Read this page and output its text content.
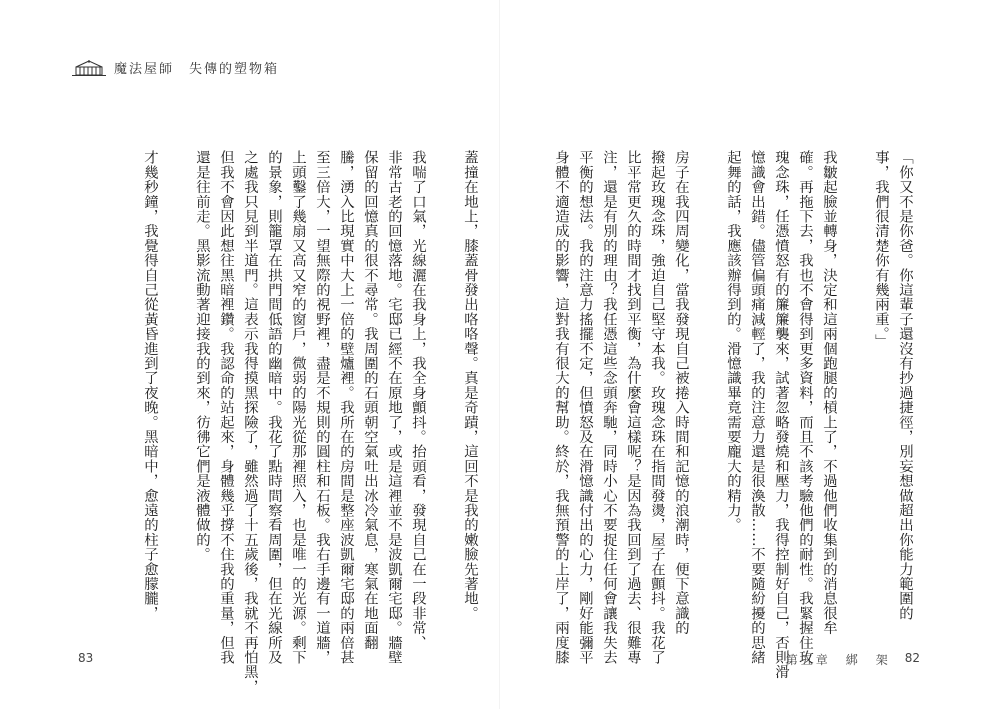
魔法屋師　失傳的塑物箱

蓋撞在地上，膝蓋骨發出咯咯聲。真是奇蹟，這回不是我的嫩臉先著地。

我喘了口氣，光線灑在我身上，我全身顫抖。抬頭看，發現自己在一段非常、

非常古老的回憶落地。宅邸已經不在原地了，或是這裡並不是波凱爾宅邸。牆壁

保留的回憶真的很不尋常。我周圍的石頭朝空氣吐出冰冷氣息，寒氣在地面翻

騰，湧入比現實中大上一倍的壁爐裡。我所在的房間是整座波凱爾宅邸的兩倍甚

至三倍大，一望無際的視野裡，盡是不規則的圓柱和石板。我右手邊有一道牆，

上頭鑿了幾扇又高又窄的窗戶，微弱的陽光從那裡照入，也是唯一的光源。剩下

的景象，則籠罩在拱門間低語的幽暗中。我花了點時間察看周圍，但在光線所及

之處我只見到半道門。這表示我得摸黑探險了，雖然過了十五歲後，我就不再怕黑，

但我不會因此想往黑暗裡鑽。我認命的站起來，身體幾乎撐不住我的重量，但我

還是往前走。黑影流動著迎接我的到來，彷彿它們是液體做的。

才幾秒鐘，我覺得自己從黃昏進到了夜晚。黑暗中，愈遠的柱子愈朦朧，

83

「你又不是你爸。你這輩子還沒有抄過捷徑，別妄想做超出你能力範圍的

事，我們很清楚你有幾兩重。」

我皺起臉並轉身，決定和這兩個跑腿的槓上了，不過他們收集到的消息很牟

確。再拖下去，我也不會得到更多資料，而且不該考驗他們的耐性。我緊握住玫

瑰念珠，任憑憤怒有的簾簾襲來，試著忽略發燒和壓力，我得控制好自己，否則滑

憶識會出錯。儘管偏頭痛減輕了，我的注意力還是很渙散……不要隨紛擾的思緒

起舞的話，我應該辦得到的。滑憶識畢竟需要龐大的精力。

房子在我四周變化，當我發現自己被捲入時間和記憶的浪潮時，便下意識的

撥起玫瑰念珠，強迫自己堅守本我。玫瑰念珠在指間發燙，屋子在顫抖。我花了

比平常更久的時間才找到平衡，為什麼會這樣呢？是因為我回到了過去、很難專

注，還是有別的理由？我任憑這些念頭奔馳，同時小心不要捉住任何會讓我失去

平衡的想法。我的注意力搖擺不定，但憤怒及在滑憶識付出的心力，剛好能彌平

身體不適造成的影響，這對我有很大的幫助。終於，我無預警的上岸了，兩度膝	第五章　綁　架 82
